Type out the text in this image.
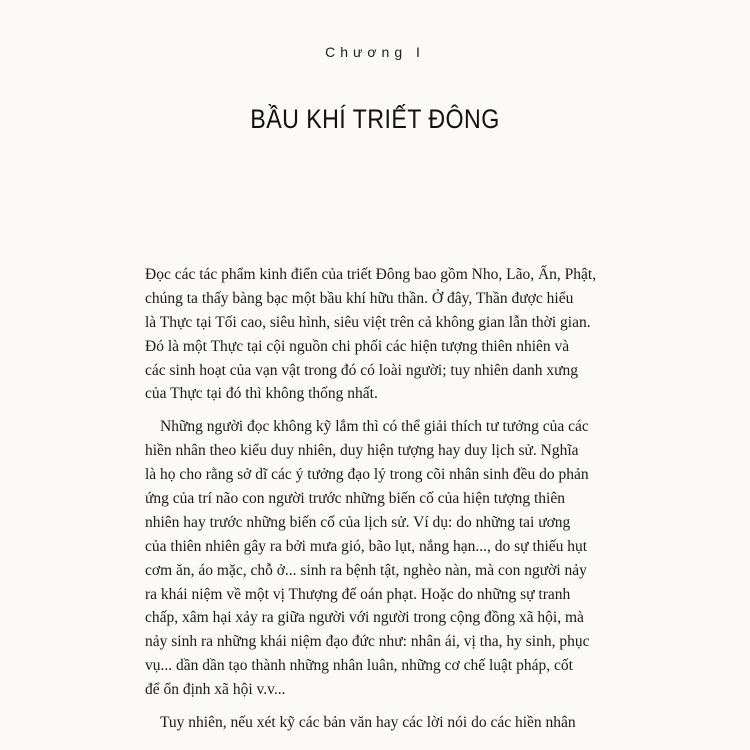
Chương I
BẦU KHÍ TRIẾT ĐÔNG
Đọc các tác phẩm kinh điển của triết Đông bao gồm Nho, Lão, Ấn, Phật,
chúng ta thấy bàng bạc một bầu khí hữu thần. Ở đây, Thần được hiểu
là Thực tại Tối cao, siêu hình, siêu việt trên cả không gian lẫn thời gian.
Đó là một Thực tại cội nguồn chi phối các hiện tượng thiên nhiên và
các sinh hoạt của vạn vật trong đó có loài người; tuy nhiên danh xưng
của Thực tại đó thì không thống nhất.
Những người đọc không kỹ lắm thì có thể giải thích tư tưởng của các
hiền nhân theo kiểu duy nhiên, duy hiện tượng hay duy lịch sử. Nghĩa
là họ cho rằng sở dĩ các ý tưởng đạo lý trong cõi nhân sinh đều do phản
ứng của trí não con người trước những biến cố của hiện tượng thiên
nhiên hay trước những biến cố của lịch sử. Ví dụ: do những tai ương
của thiên nhiên gây ra bởi mưa gió, bão lụt, nắng hạn..., do sự thiếu hụt
cơm ăn, áo mặc, chỗ ở... sinh ra bệnh tật, nghèo nàn, mà con người nảy
ra khái niệm về một vị Thượng đế oán phạt. Hoặc do những sự tranh
chấp, xâm hại xảy ra giữa người với người trong cộng đồng xã hội, mà
nảy sinh ra những khái niệm đạo đức như: nhân ái, vị tha, hy sinh, phục
vụ... dần dần tạo thành những nhân luân, những cơ chế luật pháp, cốt
để ổn định xã hội v.v...
Tuy nhiên, nếu xét kỹ các bản văn hay các lời nói do các hiền nhân
